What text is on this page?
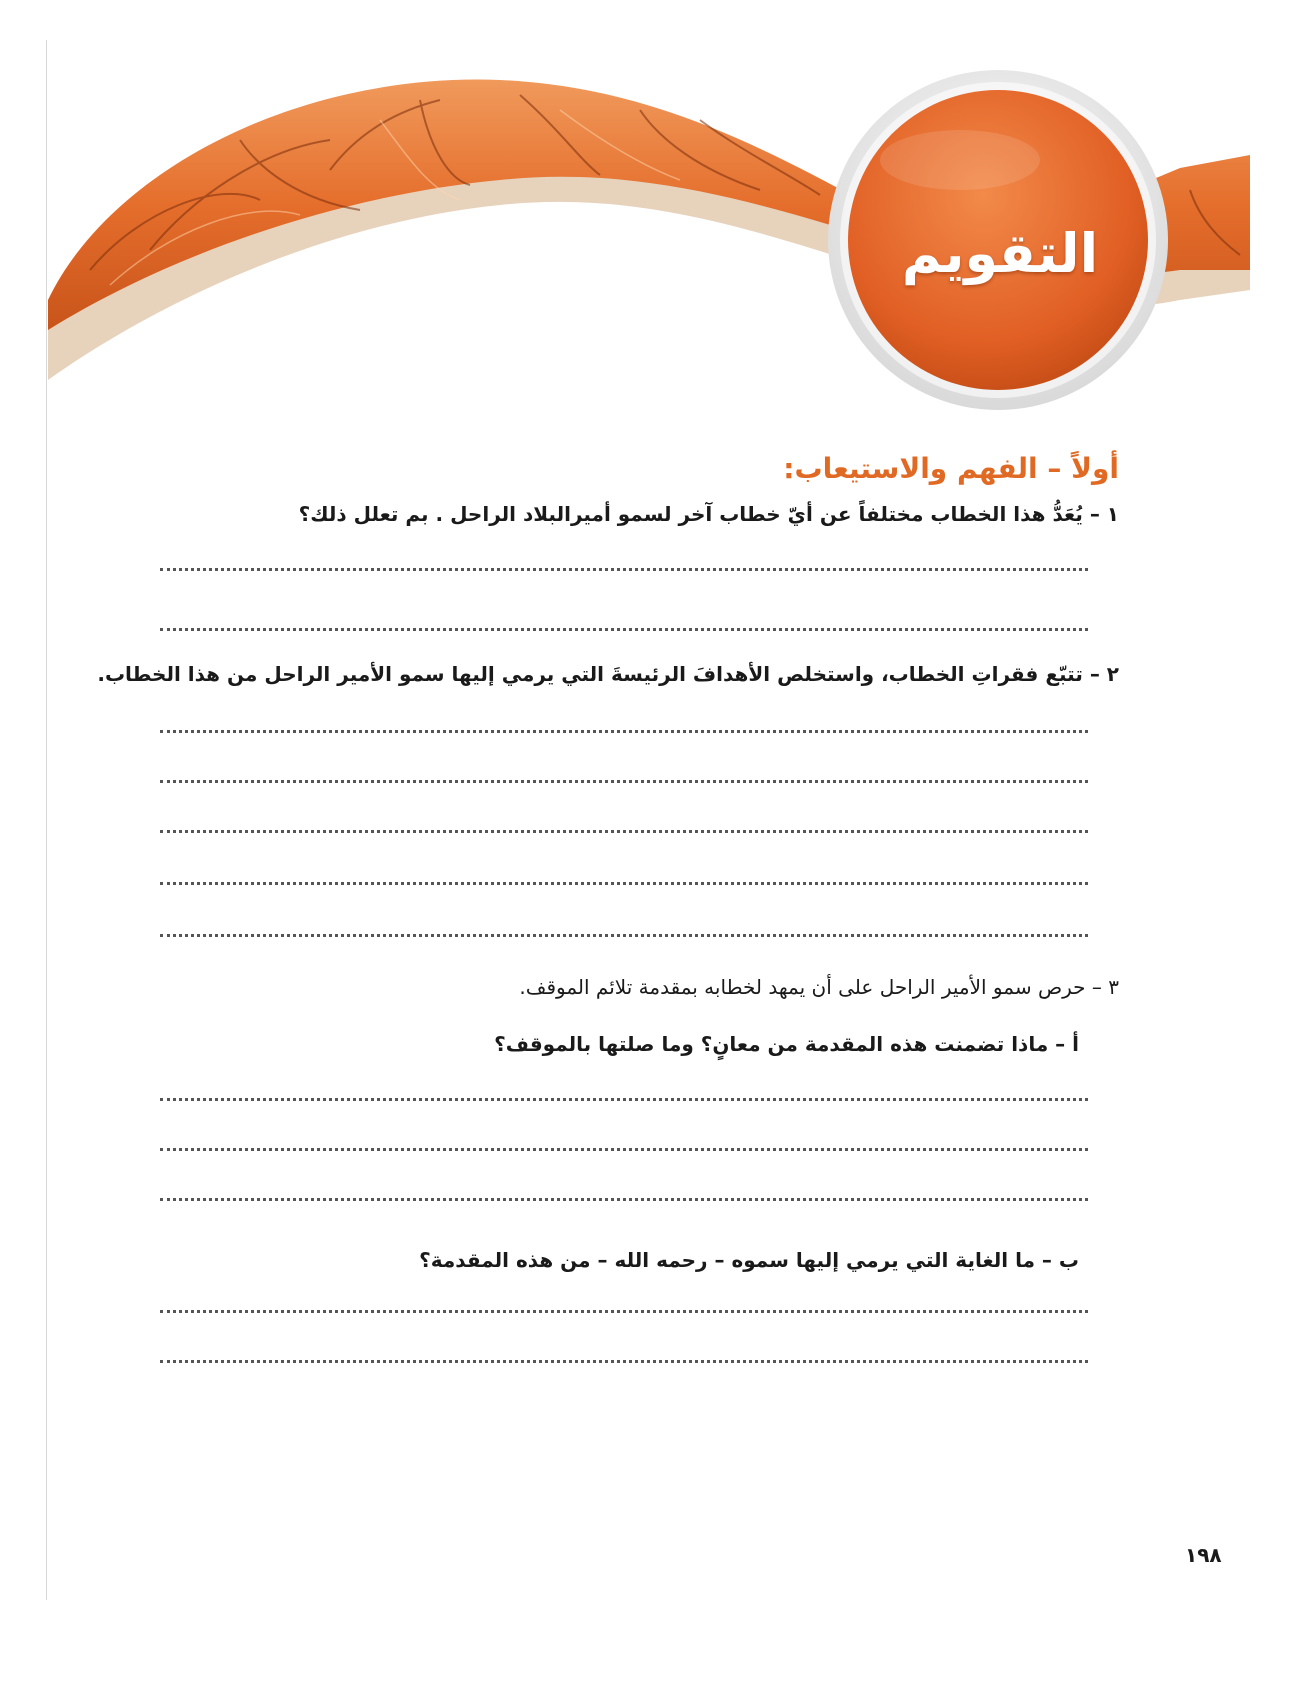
التقويم
أولاً – الفهم والاستيعاب:
١ – يُعَدُّ هذا الخطاب مختلفاً عن أيّ خطاب آخر لسمو أميرالبلاد الراحل . بم تعلل ذلك؟
٢ – تتبّع فقراتِ الخطاب، واستخلص الأهدافَ الرئيسةَ التي يرمي إليها سمو الأمير الراحل من هذا الخطاب.
٣ – حرص سمو الأمير الراحل على أن يمهد لخطابه بمقدمة تلائم الموقف.
أ – ماذا تضمنت هذه المقدمة من معانٍ؟ وما صلتها بالموقف؟
ب – ما الغاية التي يرمي إليها سموه – رحمه الله – من هذه المقدمة؟
١٩٨
